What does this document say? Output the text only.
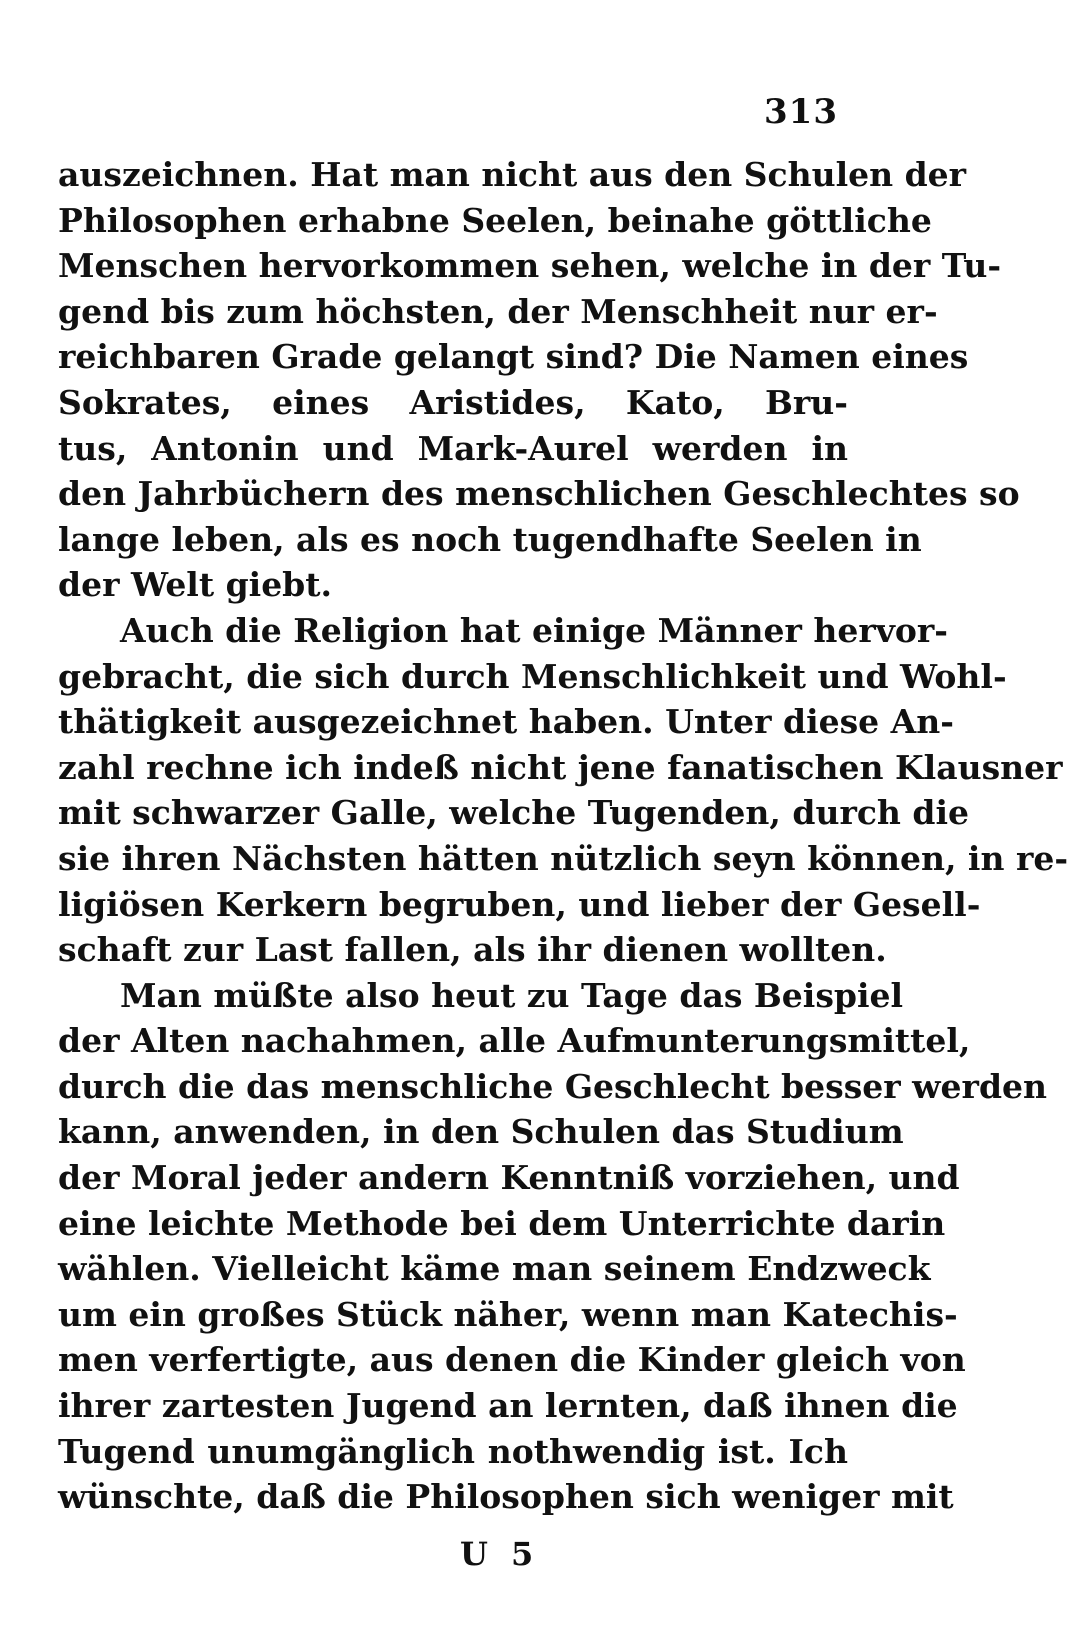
313
auszeichnen. Hat man nicht aus den Schulen der
Philosophen erhabne Seelen, beinahe göttliche
Menschen hervorkommen sehen, welche in der Tu-
gend bis zum höchsten, der Menschheit nur er-
reichbaren Grade gelangt sind? Die Namen eines
Sokrates, eines Aristides, Kato, Bru-
tus, Antonin und Mark-Aurel werden in
den Jahrbüchern des menschlichen Geschlechtes so
lange leben, als es noch tugendhafte Seelen in
der Welt giebt.
Auch die Religion hat einige Männer hervor-
gebracht, die sich durch Menschlichkeit und Wohl-
thätigkeit ausgezeichnet haben. Unter diese An-
zahl rechne ich indeß nicht jene fanatischen Klausner
mit schwarzer Galle, welche Tugenden, durch die
sie ihren Nächsten hätten nützlich seyn können, in re-
ligiösen Kerkern begruben, und lieber der Gesell-
schaft zur Last fallen, als ihr dienen wollten.
Man müßte also heut zu Tage das Beispiel
der Alten nachahmen, alle Aufmunterungsmittel,
durch die das menschliche Geschlecht besser werden
kann, anwenden, in den Schulen das Studium
der Moral jeder andern Kenntniß vorziehen, und
eine leichte Methode bei dem Unterrichte darin
wählen. Vielleicht käme man seinem Endzweck
um ein großes Stück näher, wenn man Katechis-
men verfertigte, aus denen die Kinder gleich von
ihrer zartesten Jugend an lernten, daß ihnen die
Tugend unumgänglich nothwendig ist. Ich
wünschte, daß die Philosophen sich weniger mit
U 5
